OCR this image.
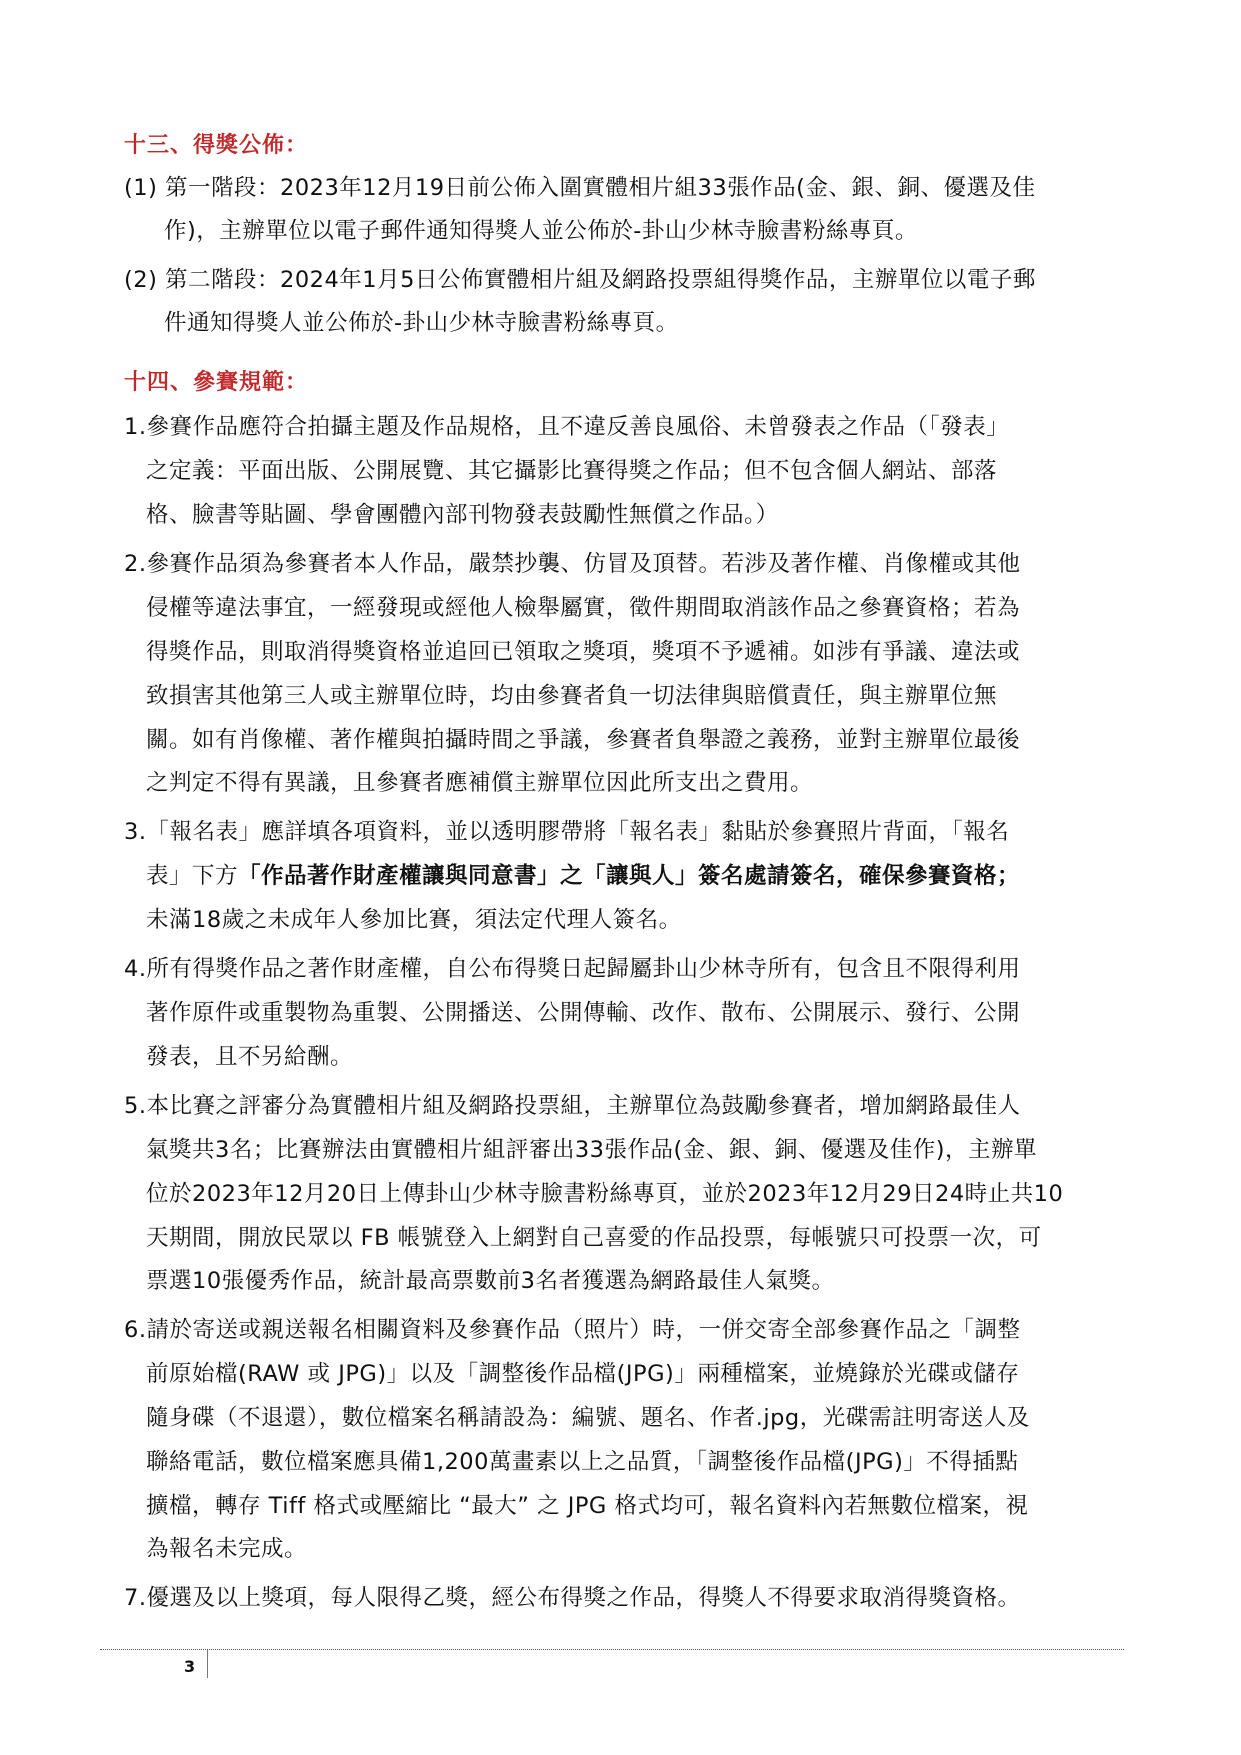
十三、得獎公佈：
(1) 第一階段：2023年12月19日前公佈入圍實體相片組33張作品(金、銀、銅、優選及佳
作)，主辦單位以電子郵件通知得獎人並公佈於-卦山少林寺臉書粉絲專頁。
(2) 第二階段：2024年1月5日公佈實體相片組及網路投票組得獎作品，主辦單位以電子郵
件通知得獎人並公佈於-卦山少林寺臉書粉絲專頁。
十四、參賽規範：
1.參賽作品應符合拍攝主題及作品規格，且不違反善良風俗、未曾發表之作品（「發表」
之定義：平面出版、公開展覽、其它攝影比賽得獎之作品；但不包含個人網站、部落
格、臉書等貼圖、學會團體內部刊物發表鼓勵性無償之作品。）
2.參賽作品須為參賽者本人作品，嚴禁抄襲、仿冒及頂替。若涉及著作權、肖像權或其他
侵權等違法事宜，一經發現或經他人檢舉屬實，徵件期間取消該作品之參賽資格；若為
得獎作品，則取消得獎資格並追回已領取之獎項，獎項不予遞補。如涉有爭議、違法或
致損害其他第三人或主辦單位時，均由參賽者負一切法律與賠償責任，與主辦單位無
關。如有肖像權、著作權與拍攝時間之爭議，參賽者負舉證之義務，並對主辦單位最後
之判定不得有異議，且參賽者應補償主辦單位因此所支出之費用。
3.「報名表」應詳填各項資料，並以透明膠帶將「報名表」黏貼於參賽照片背面，「報名
表」下方「作品著作財產權讓與同意書」之「讓與人」簽名處請簽名，確保參賽資格；
未滿18歲之未成年人參加比賽，須法定代理人簽名。
4.所有得獎作品之著作財產權，自公布得獎日起歸屬卦山少林寺所有，包含且不限得利用
著作原件或重製物為重製、公開播送、公開傳輸、改作、散布、公開展示、發行、公開
發表，且不另給酬。
5.本比賽之評審分為實體相片組及網路投票組，主辦單位為鼓勵參賽者，增加網路最佳人
氣獎共3名；比賽辦法由實體相片組評審出33張作品(金、銀、銅、優選及佳作)，主辦單
位於2023年12月20日上傳卦山少林寺臉書粉絲專頁，並於2023年12月29日24時止共10
天期間，開放民眾以 FB 帳號登入上網對自己喜愛的作品投票，每帳號只可投票一次，可
票選10張優秀作品，統計最高票數前3名者獲選為網路最佳人氣獎。
6.請於寄送或親送報名相關資料及參賽作品（照片）時，一併交寄全部參賽作品之「調整
前原始檔(RAW 或 JPG)」以及「調整後作品檔(JPG)」兩種檔案，並燒錄於光碟或儲存
隨身碟（不退還），數位檔案名稱請設為：編號、題名、作者.jpg，光碟需註明寄送人及
聯絡電話，數位檔案應具備1,200萬畫素以上之品質，「調整後作品檔(JPG)」不得插點
擴檔，轉存 Tiff 格式或壓縮比 “最大” 之 JPG 格式均可，報名資料內若無數位檔案，視
為報名未完成。
7.優選及以上獎項，每人限得乙獎，經公布得獎之作品，得獎人不得要求取消得獎資格。
3
